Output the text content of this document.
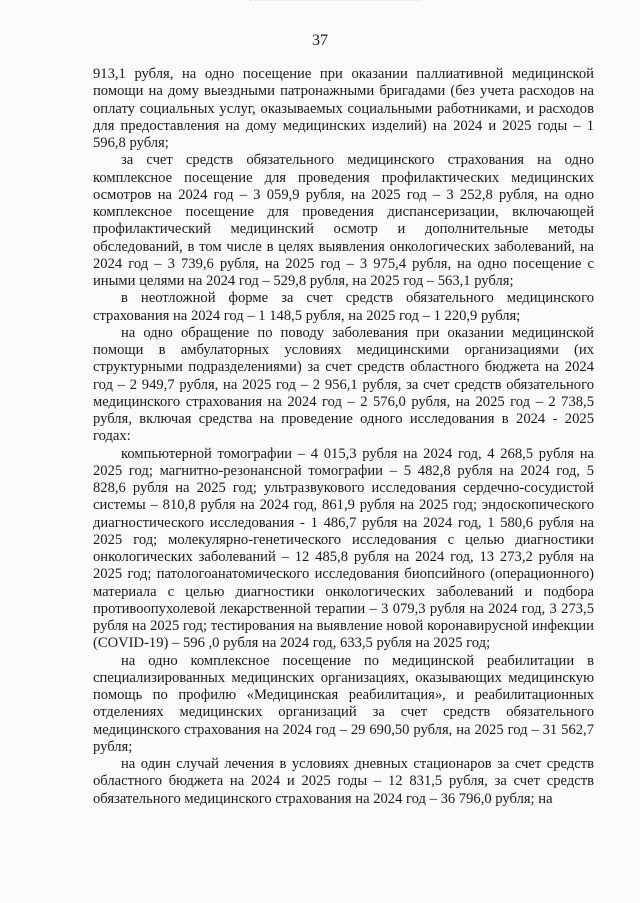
37

913,1 рубля, на одно посещение при оказании паллиативной медицинской помощи на дому выездными патронажными бригадами (без учета расходов на оплату социальных услуг, оказываемых социальными работниками, и расходов для предоставления на дому медицинских изделий) на 2024 и 2025 годы – 1 596,8 рубля;

за счет средств обязательного медицинского страхования на одно комплексное посещение для проведения профилактических медицинских осмотров на 2024 год – 3 059,9 рубля, на 2025 год – 3 252,8 рубля, на одно комплексное посещение для проведения диспансеризации, включающей профилактический медицинский осмотр и дополнительные методы обследований, в том числе в целях выявления онкологических заболеваний, на 2024 год – 3 739,6 рубля, на 2025 год – 3 975,4 рубля, на одно посещение с иными целями на 2024 год – 529,8 рубля, на 2025 год – 563,1 рубля;

в неотложной форме за счет средств обязательного медицинского страхования на 2024 год – 1 148,5 рубля, на 2025 год – 1 220,9 рубля;

на одно обращение по поводу заболевания при оказании медицинской помощи в амбулаторных условиях медицинскими организациями (их структурными подразделениями) за счет средств областного бюджета на 2024 год – 2 949,7 рубля, на 2025 год – 2 956,1 рубля, за счет средств обязательного медицинского страхования на 2024 год – 2 576,0 рубля, на 2025 год – 2 738,5 рубля, включая средства на проведение одного исследования в 2024 - 2025 годах:

компьютерной томографии – 4 015,3 рубля на 2024 год, 4 268,5 рубля на 2025 год; магнитно-резонансной томографии – 5 482,8 рубля на 2024 год, 5 828,6 рубля на 2025 год; ультразвукового исследования сердечно-сосудистой системы – 810,8 рубля на 2024 год, 861,9 рубля на 2025 год; эндоскопического диагностического исследования - 1 486,7 рубля на 2024 год, 1 580,6 рубля на 2025 год; молекулярно-генетического исследования с целью диагностики онкологических заболеваний – 12 485,8 рубля на 2024 год, 13 273,2 рубля на 2025 год; патологоанатомического исследования биопсийного (операционного) материала с целью диагностики онкологических заболеваний и подбора противоопухолевой лекарственной терапии – 3 079,3 рубля на 2024 год, 3 273,5 рубля на 2025 год; тестирования на выявление новой коронавирусной инфекции (COVID-19) – 596 ,0 рубля на 2024 год, 633,5 рубля на 2025 год;

на одно комплексное посещение по медицинской реабилитации в специализированных медицинских организациях, оказывающих медицинскую помощь по профилю «Медицинская реабилитация», и реабилитационных отделениях медицинских организаций за счет средств обязательного медицинского страхования на 2024 год – 29 690,50 рубля, на 2025 год – 31 562,7 рубля;

на один случай лечения в условиях дневных стационаров за счет средств областного бюджета на 2024 и 2025 годы – 12 831,5 рубля, за счет средств обязательного медицинского страхования на 2024 год – 36 796,0 рубля; на
